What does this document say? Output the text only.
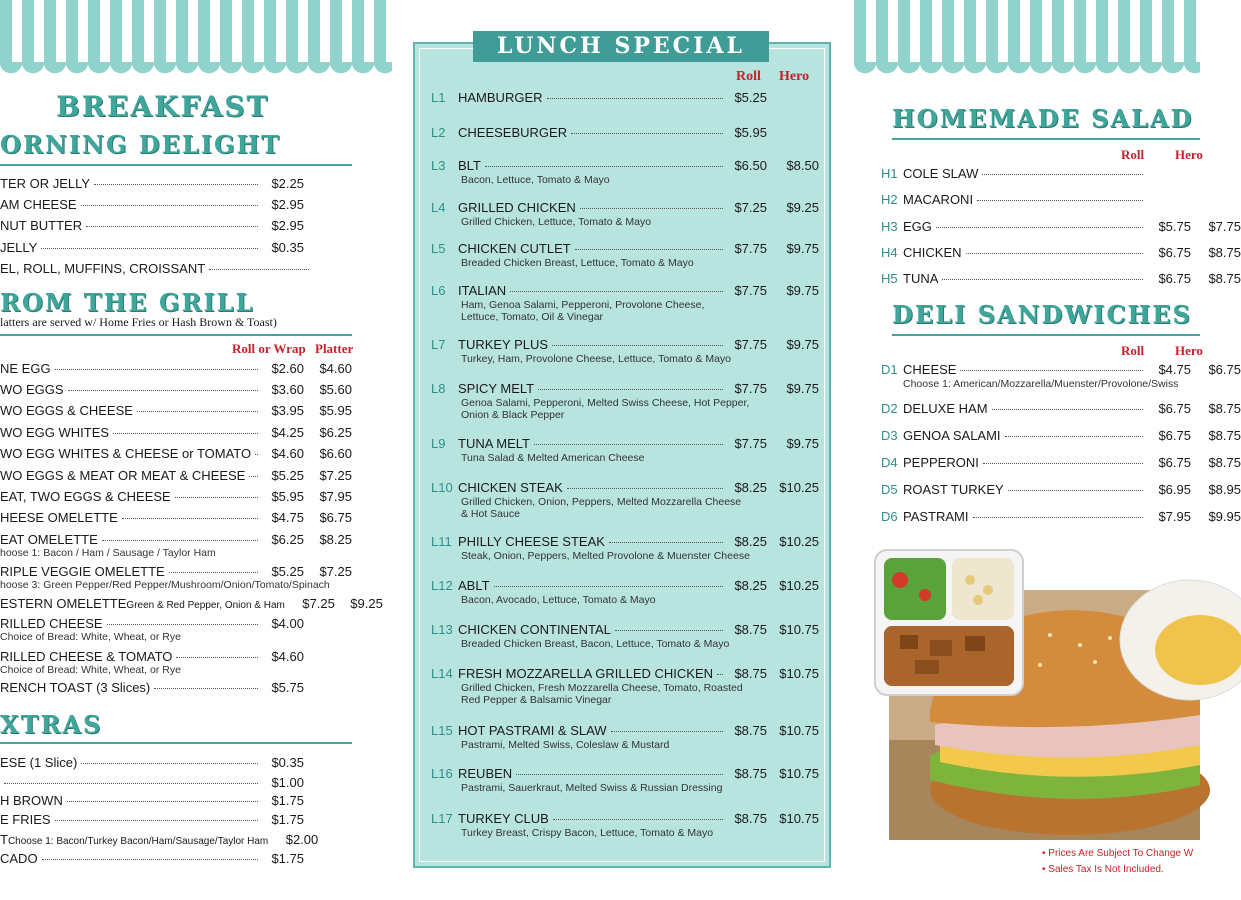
BREAKFAST
ORNING DELIGHT
ROM THE GRILL
latters are served w/ Home Fries or Hash Brown & Toast)
Roll or Wrap Platter
XTRAS
LUNCH SPECIAL
Roll Hero
HOMEMADE SALAD
Roll Hero
DELI SANDWICHES
Roll Hero
• Prices Are Subject To Change W
• Sales Tax Is Not Included.
TER OR JELLY	$2.25
AM CHEESE	$2.95
NUT BUTTER	$2.95
JELLY	$0.35
EL, ROLL, MUFFINS, CROISSANT
NE EGG	$2.60	$4.60
WO EGGS	$3.60	$5.60
WO EGGS & CHEESE	$3.95	$5.95
WO EGG WHITES	$4.25	$6.25
WO EGG WHITES & CHEESE or TOMATO	$4.60	$6.60
WO EGGS & MEAT OR MEAT & CHEESE	$5.25	$7.25
EAT, TWO EGGS & CHEESE	$5.95	$7.95
HEESE OMELETTE	$4.75	$6.75
EAT OMELETTE	$6.25	$8.25
hoose 1: Bacon / Ham / Sausage / Taylor Ham
RIPLE VEGGIE OMELETTE	$5.25	$7.25
hoose 3: Green Pepper/Red Pepper/Mushroom/Onion/Tomato/Spinach
ESTERN OMELETTE Green & Red Pepper, Onion & Ham	$7.25	$9.25
RILLED CHEESE	$4.00
Choice of Bread: White, Wheat, or Rye
RILLED CHEESE & TOMATO	$4.60
Choice of Bread: White, Wheat, or Rye
RENCH TOAST (3 Slices)	$5.75
ESE (1 Slice)	$0.35
$1.00
H BROWN	$1.75
E FRIES	$1.75
T Choose 1: Bacon/Turkey Bacon/Ham/Sausage/Taylor Ham	$2.00
CADO	$1.75
L1 HAMBURGER	$5.25
L2 CHEESEBURGER	$5.95
L3 BLT	$6.50	$8.50
Bacon, Lettuce, Tomato & Mayo
L4 GRILLED CHICKEN	$7.25	$9.25
Grilled Chicken, Lettuce, Tomato & Mayo
L5 CHICKEN CUTLET	$7.75	$9.75
Breaded Chicken Breast, Lettuce, Tomato & Mayo
L6 ITALIAN	$7.75	$9.75
Ham, Genoa Salami, Pepperoni, Provolone Cheese,
Lettuce, Tomato, Oil & Vinegar
L7 TURKEY PLUS	$7.75	$9.75
Turkey, Ham, Provolone Cheese, Lettuce, Tomato & Mayo
L8 SPICY MELT	$7.75	$9.75
Genoa Salami, Pepperoni, Melted Swiss Cheese, Hot Pepper,
Onion & Black Pepper
L9 TUNA MELT	$7.75	$9.75
Tuna Salad & Melted American Cheese
L10 CHICKEN STEAK	$8.25 $10.25
Grilled Chicken, Onion, Peppers, Melted Mozzarella Cheese
& Hot Sauce
L11 PHILLY CHEESE STEAK	$8.25 $10.25
Steak, Onion, Peppers, Melted Provolone & Muenster Cheese
L12 ABLT	$8.25 $10.25
Bacon, Avocado, Lettuce, Tomato & Mayo
L13 CHICKEN CONTINENTAL	$8.75 $10.75
Breaded Chicken Breast, Bacon, Lettuce, Tomato & Mayo
L14 FRESH MOZZARELLA GRILLED CHICKEN	$8.75 $10.75
Grilled Chicken, Fresh Mozzarella Cheese, Tomato, Roasted
Red Pepper & Balsamic Vinegar
L15 HOT PASTRAMI & SLAW	$8.75 $10.75
Pastrami, Melted Swiss, Coleslaw & Mustard
L16 REUBEN	$8.75 $10.75
Pastrami, Sauerkraut, Melted Swiss & Russian Dressing
L17 TURKEY CLUB	$8.75 $10.75
Turkey Breast, Crispy Bacon, Lettuce, Tomato & Mayo
H1 COLE SLAW
H2 MACARONI
H3 EGG	$5.75	$7.75
H4 CHICKEN	$6.75	$8.75
H5 TUNA	$6.75	$8.75
D1 CHEESE	$4.75	$6.75
Choose 1: American/Mozzarella/Muenster/Provolone/Swiss
D2 DELUXE HAM	$6.75	$8.75
D3 GENOA SALAMI	$6.75	$8.75
D4 PEPPERONI	$6.75	$8.75
D5 ROAST TURKEY	$6.95	$8.95
D6 PASTRAMI	$7.95	$9.95
